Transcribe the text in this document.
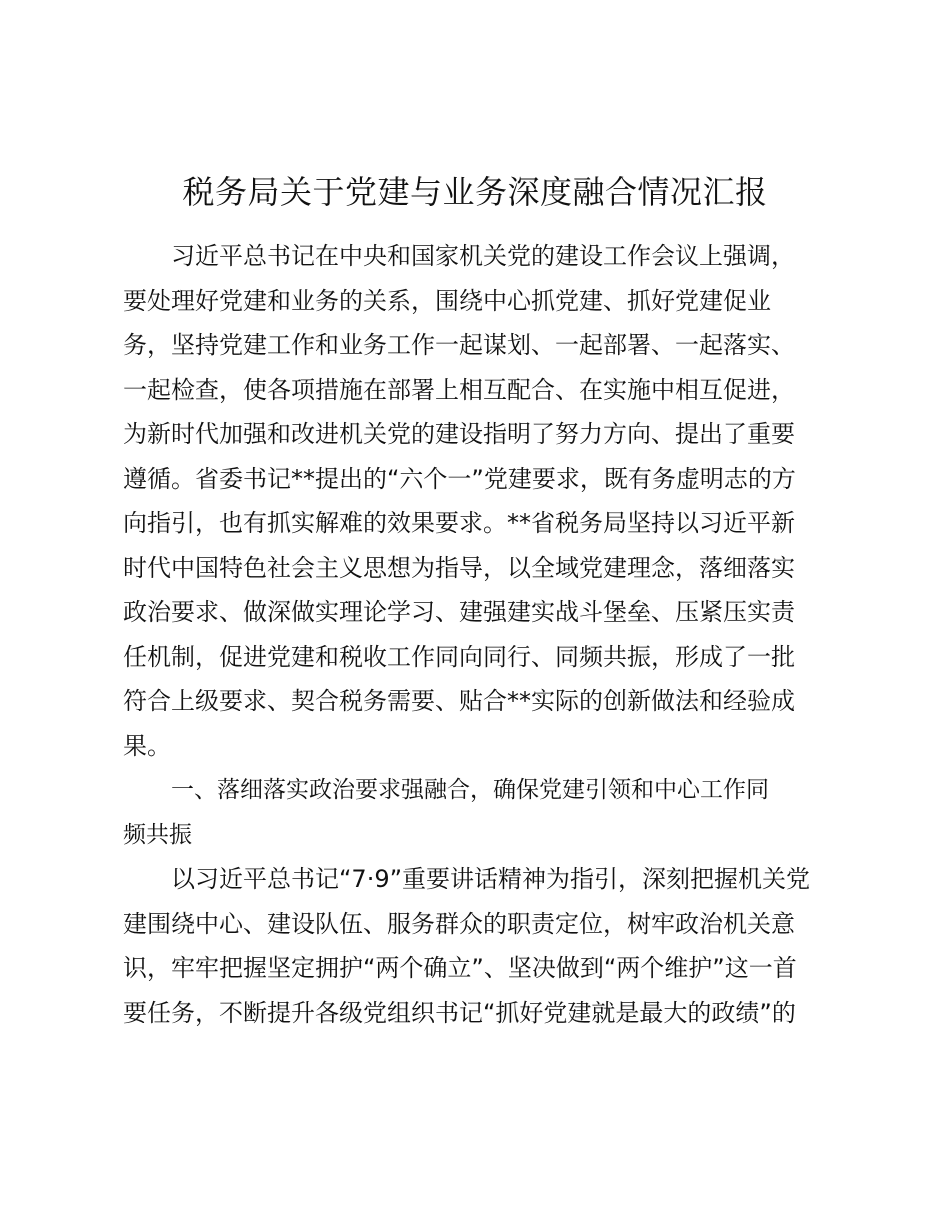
税务局关于党建与业务深度融合情况汇报
习近平总书记在中央和国家机关党的建设工作会议上强调，
要处理好党建和业务的关系，围绕中心抓党建、抓好党建促业
务，坚持党建工作和业务工作一起谋划、一起部署、一起落实、
一起检查，使各项措施在部署上相互配合、在实施中相互促进，
为新时代加强和改进机关党的建设指明了努力方向、提出了重要
遵循。省委书记**提出的“六个一”党建要求，既有务虚明志的方
向指引，也有抓实解难的效果要求。**省税务局坚持以习近平新
时代中国特色社会主义思想为指导，以全域党建理念，落细落实
政治要求、做深做实理论学习、建强建实战斗堡垒、压紧压实责
任机制，促进党建和税收工作同向同行、同频共振，形成了一批
符合上级要求、契合税务需要、贴合**实际的创新做法和经验成
果。
一、落细落实政治要求强融合，确保党建引领和中心工作同
频共振
以习近平总书记“7·9”重要讲话精神为指引，深刻把握机关党
建围绕中心、建设队伍、服务群众的职责定位，树牢政治机关意
识，牢牢把握坚定拥护“两个确立”、坚决做到“两个维护”这一首
要任务，不断提升各级党组织书记“抓好党建就是最大的政绩”的
